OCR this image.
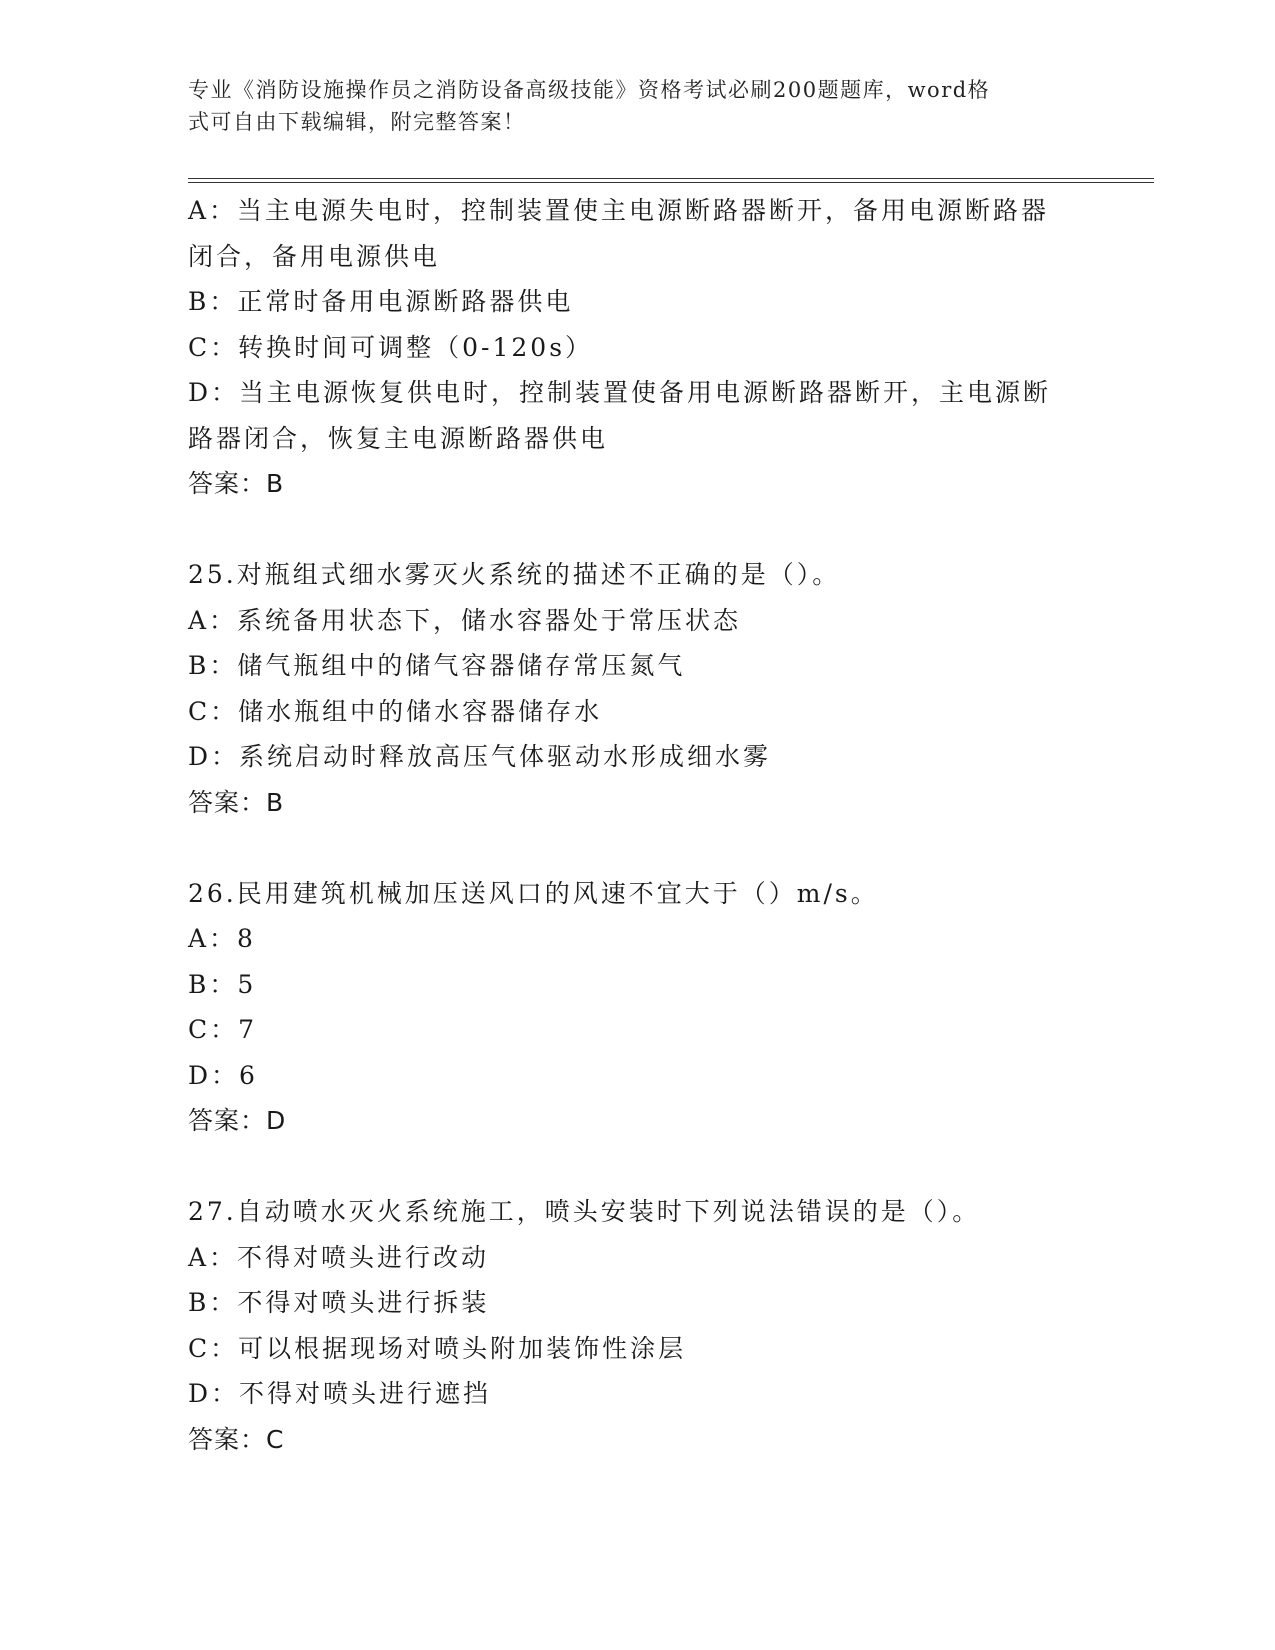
专业《消防设施操作员之消防设备高级技能》资格考试必刷200题题库，word格
式可自由下载编辑，附完整答案！
A：当主电源失电时，控制装置使主电源断路器断开，备用电源断路器
闭合，备用电源供电
B：正常时备用电源断路器供电
C：转换时间可调整（0-120s）
D：当主电源恢复供电时，控制装置使备用电源断路器断开，主电源断
路器闭合，恢复主电源断路器供电
答案：B
25.对瓶组式细水雾灭火系统的描述不正确的是（）。
A：系统备用状态下，储水容器处于常压状态
B：储气瓶组中的储气容器储存常压氮气
C：储水瓶组中的储水容器储存水
D：系统启动时释放高压气体驱动水形成细水雾
答案：B
26.民用建筑机械加压送风口的风速不宜大于（）m/s。
A：8
B：5
C：7
D：6
答案：D
27.自动喷水灭火系统施工，喷头安装时下列说法错误的是（）。
A：不得对喷头进行改动
B：不得对喷头进行拆装
C：可以根据现场对喷头附加装饰性涂层
D：不得对喷头进行遮挡
答案：C
